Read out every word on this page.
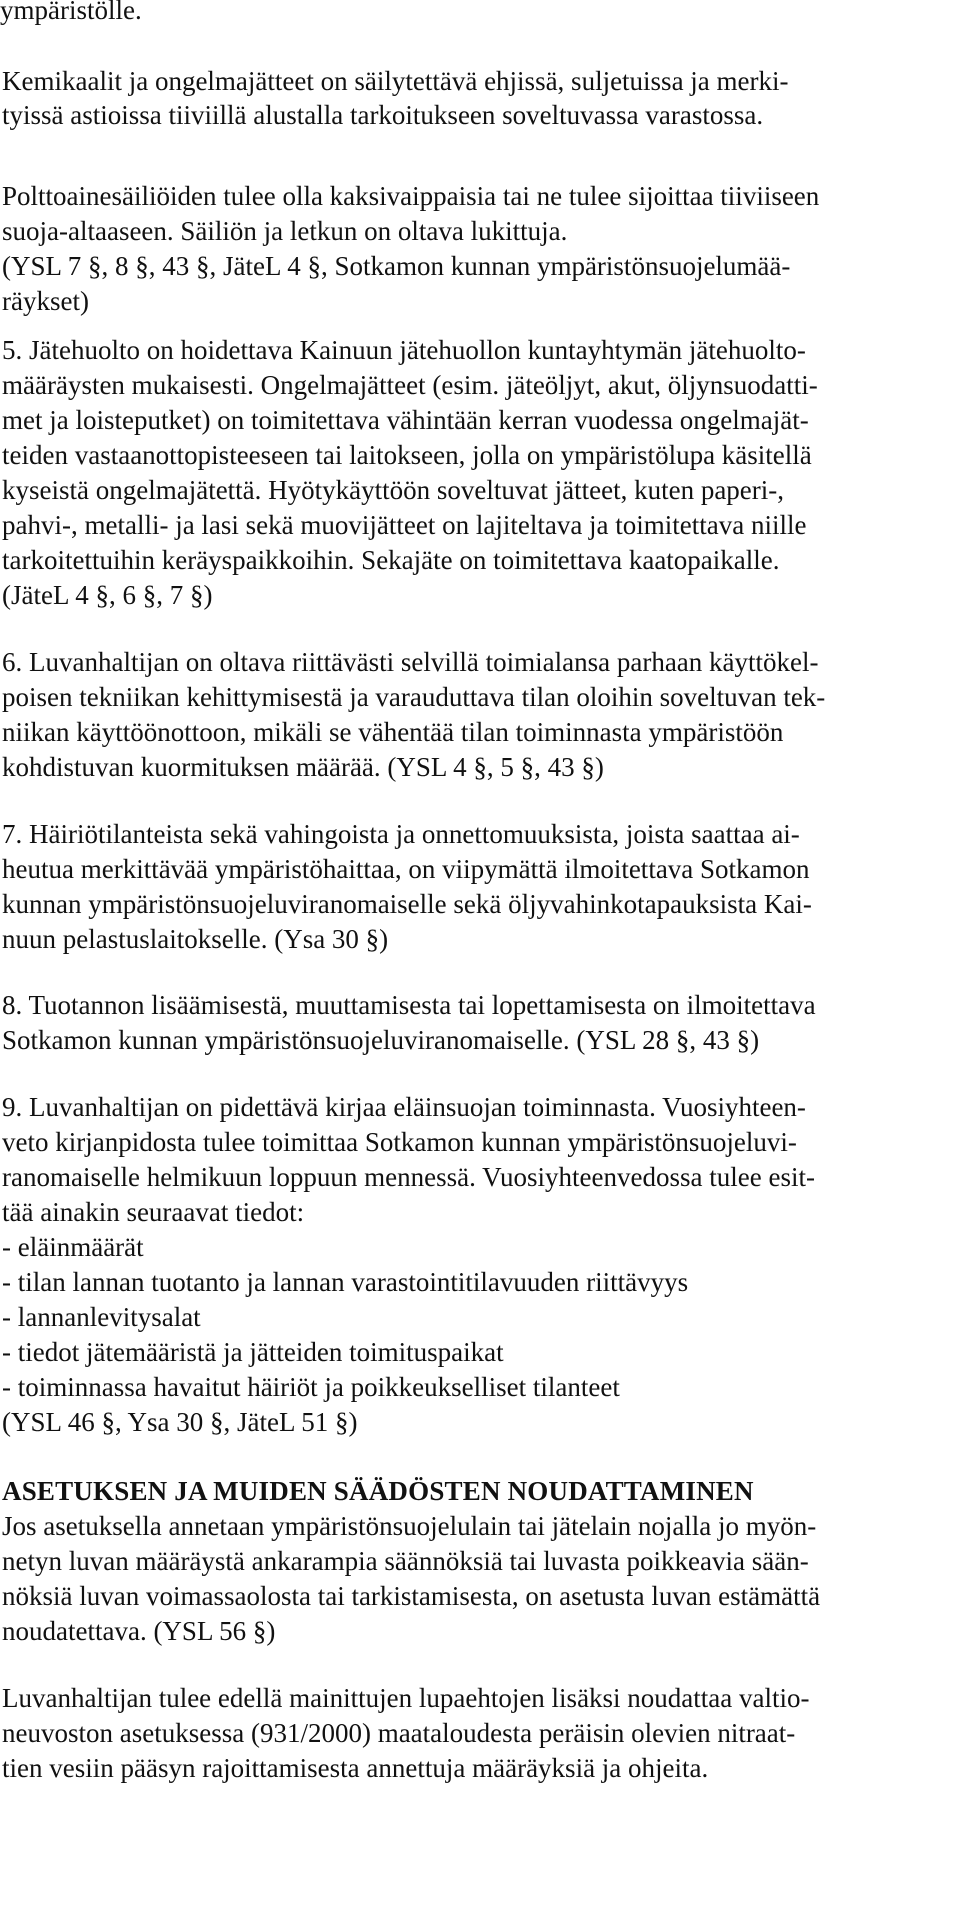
ympäristölle.
Kemikaalit ja ongelmajätteet on säilytettävä ehjissä, suljetuissa ja merki-
tyissä astioissa tiiviillä alustalla tarkoitukseen soveltuvassa varastossa.
Polttoainesäiliöiden tulee olla kaksivaippaisia tai ne tulee sijoittaa tiiviiseen
suoja-altaaseen. Säiliön ja letkun on oltava lukittuja.
(YSL 7 §, 8 §, 43 §, JäteL 4 §, Sotkamon kunnan ympäristönsuojelumää-
räykset)
5. Jätehuolto on hoidettava Kainuun jätehuollon kuntayhtymän jätehuolto-
määräysten mukaisesti. Ongelmajätteet (esim. jäteöljyt, akut, öljynsuodatti-
met ja loisteputket) on toimitettava vähintään kerran vuodessa ongelmajät-
teiden vastaanottopisteeseen tai laitokseen, jolla on ympäristölupa käsitellä
kyseistä ongelmajätettä. Hyötykäyttöön soveltuvat jätteet, kuten paperi-,
pahvi-, metalli- ja lasi sekä muovijätteet on lajiteltava ja toimitettava niille
tarkoitettuihin keräyspaikkoihin. Sekajäte on toimitettava kaatopaikalle.
(JäteL 4 §, 6 §, 7 §)
6. Luvanhaltijan on oltava riittävästi selvillä toimialansa parhaan käyttökel-
poisen tekniikan kehittymisestä ja varauduttava tilan oloihin soveltuvan tek-
niikan käyttöönottoon, mikäli se vähentää tilan toiminnasta ympäristöön
kohdistuvan kuormituksen määrää. (YSL 4 §, 5 §, 43 §)
7. Häiriötilanteista sekä vahingoista ja onnettomuuksista, joista saattaa ai-
heutua merkittävää ympäristöhaittaa, on viipymättä ilmoitettava Sotkamon
kunnan ympäristönsuojeluviranomaiselle sekä öljyvahinkotapauksista Kai-
nuun pelastuslaitokselle. (Ysa 30 §)
8. Tuotannon lisäämisestä, muuttamisesta tai lopettamisesta on ilmoitettava
Sotkamon kunnan ympäristönsuojeluviranomaiselle. (YSL 28 §, 43 §)
9. Luvanhaltijan on pidettävä kirjaa eläinsuojan toiminnasta. Vuosiyhteen-
veto kirjanpidosta tulee toimittaa Sotkamon kunnan ympäristönsuojeluvi-
ranomaiselle helmikuun loppuun mennessä. Vuosiyhteenvedossa tulee esit-
tää ainakin seuraavat tiedot:
- eläinmäärät
- tilan lannan tuotanto ja lannan varastointitilavuuden riittävyys
- lannanlevitysalat
- tiedot jätemääristä ja jätteiden toimituspaikat
- toiminnassa havaitut häiriöt ja poikkeukselliset tilanteet
(YSL 46 §, Ysa 30 §, JäteL 51 §)
ASETUKSEN JA MUIDEN SÄÄDÖSTEN NOUDATTAMINEN
Jos asetuksella annetaan ympäristönsuojelulain tai jätelain nojalla jo myön-
netyn luvan määräystä ankarampia säännöksiä tai luvasta poikkeavia sään-
nöksiä luvan voimassaolosta tai tarkistamisesta, on asetusta luvan estämättä
noudatettava. (YSL 56 §)
Luvanhaltijan tulee edellä mainittujen lupaehtojen lisäksi noudattaa valtio-
neuvoston asetuksessa (931/2000) maataloudesta peräisin olevien nitraat-
tien vesiin pääsyn rajoittamisesta annettuja määräyksiä ja ohjeita.
